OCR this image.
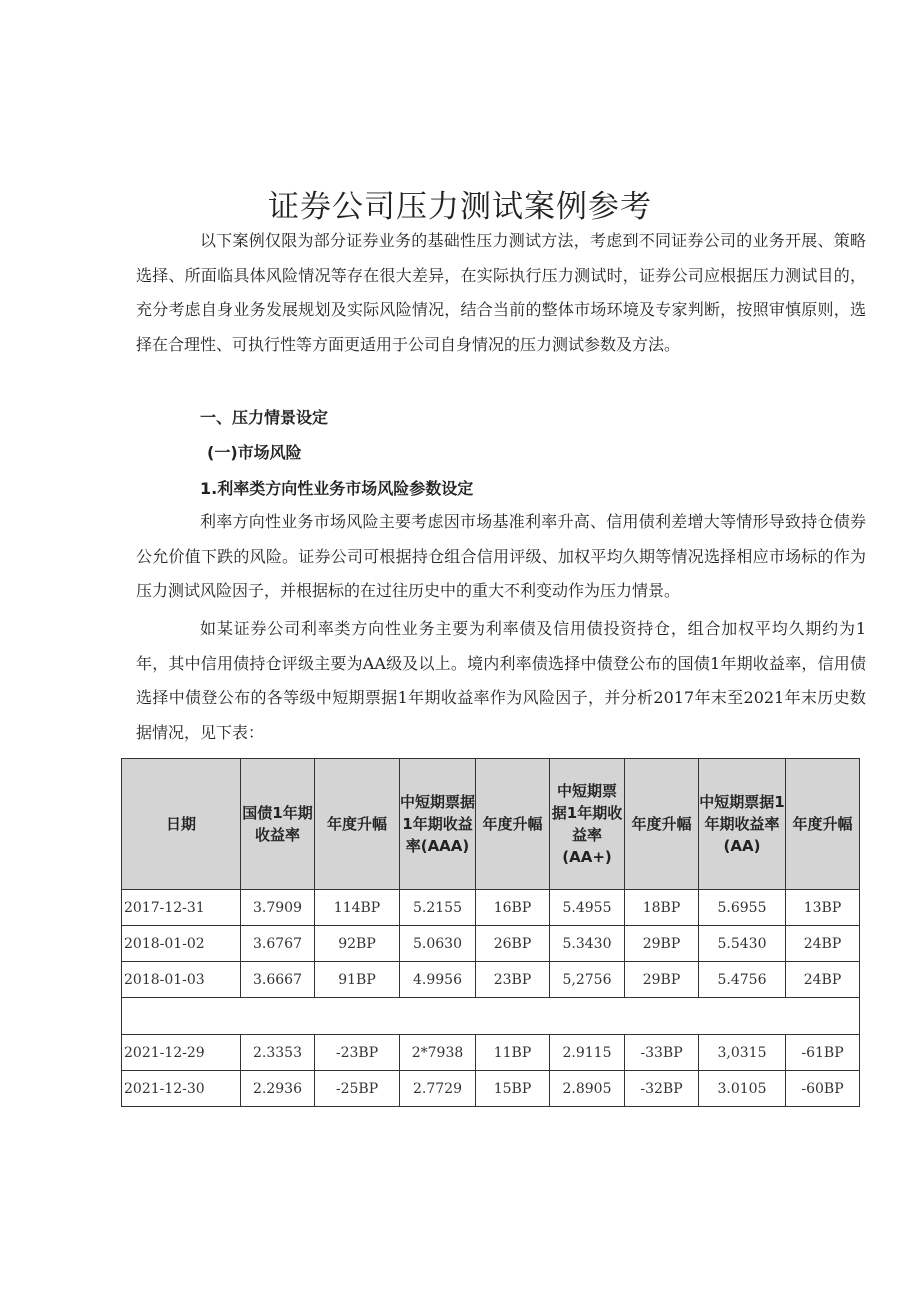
证券公司压力测试案例参考

以下案例仅限为部分证券业务的基础性压力测试方法，考虑到不同证券公司的业务开展、策略选择、所面临具体风险情况等存在很大差异，在实际执行压力测试时，证券公司应根据压力测试目的，充分考虑自身业务发展规划及实际风险情况，结合当前的整体市场环境及专家判断，按照审慎原则，选择在合理性、可执行性等方面更适用于公司自身情况的压力测试参数及方法。

一、压力情景设定
(一)市场风险
1.利率类方向性业务市场风险参数设定

利率方向性业务市场风险主要考虑因市场基准利率升高、信用债利差增大等情形导致持仓债券公允价值下跌的风险。证券公司可根据持仓组合信用评级、加权平均久期等情况选择相应市场标的作为压力测试风险因子，并根据标的在过往历史中的重大不利变动作为压力情景。

如某证券公司利率类方向性业务主要为利率债及信用债投资持仓，组合加权平均久期约为1年，其中信用债持仓评级主要为AA级及以上。境内利率债选择中债登公布的国债1年期收益率，信用债选择中债登公布的各等级中短期票据1年期收益率作为风险因子，并分析2017年末至2021年末历史数据情况，见下表：

日期	国债1年期收益率	年度升幅	中短期票据1年期收益率(AAA)	年度升幅	中短期票据1年期收益率(AA+)	年度升幅	中短期票据1年期收益率(AA)	年度升幅
2017-12-31	3.7909	114BP	5.2155	16BP	5.4955	18BP	5.6955	13BP
2018-01-02	3.6767	92BP	5.0630	26BP	5.3430	29BP	5.5430	24BP
2018-01-03	3.6667	91BP	4.9956	23BP	5,2756	29BP	5.4756	24BP

2021-12-29	2.3353	-23BP	2*7938	11BP	2.9115	-33BP	3,0315	-61BP
2021-12-30	2.2936	-25BP	2.7729	15BP	2.8905	-32BP	3.0105	-60BP
